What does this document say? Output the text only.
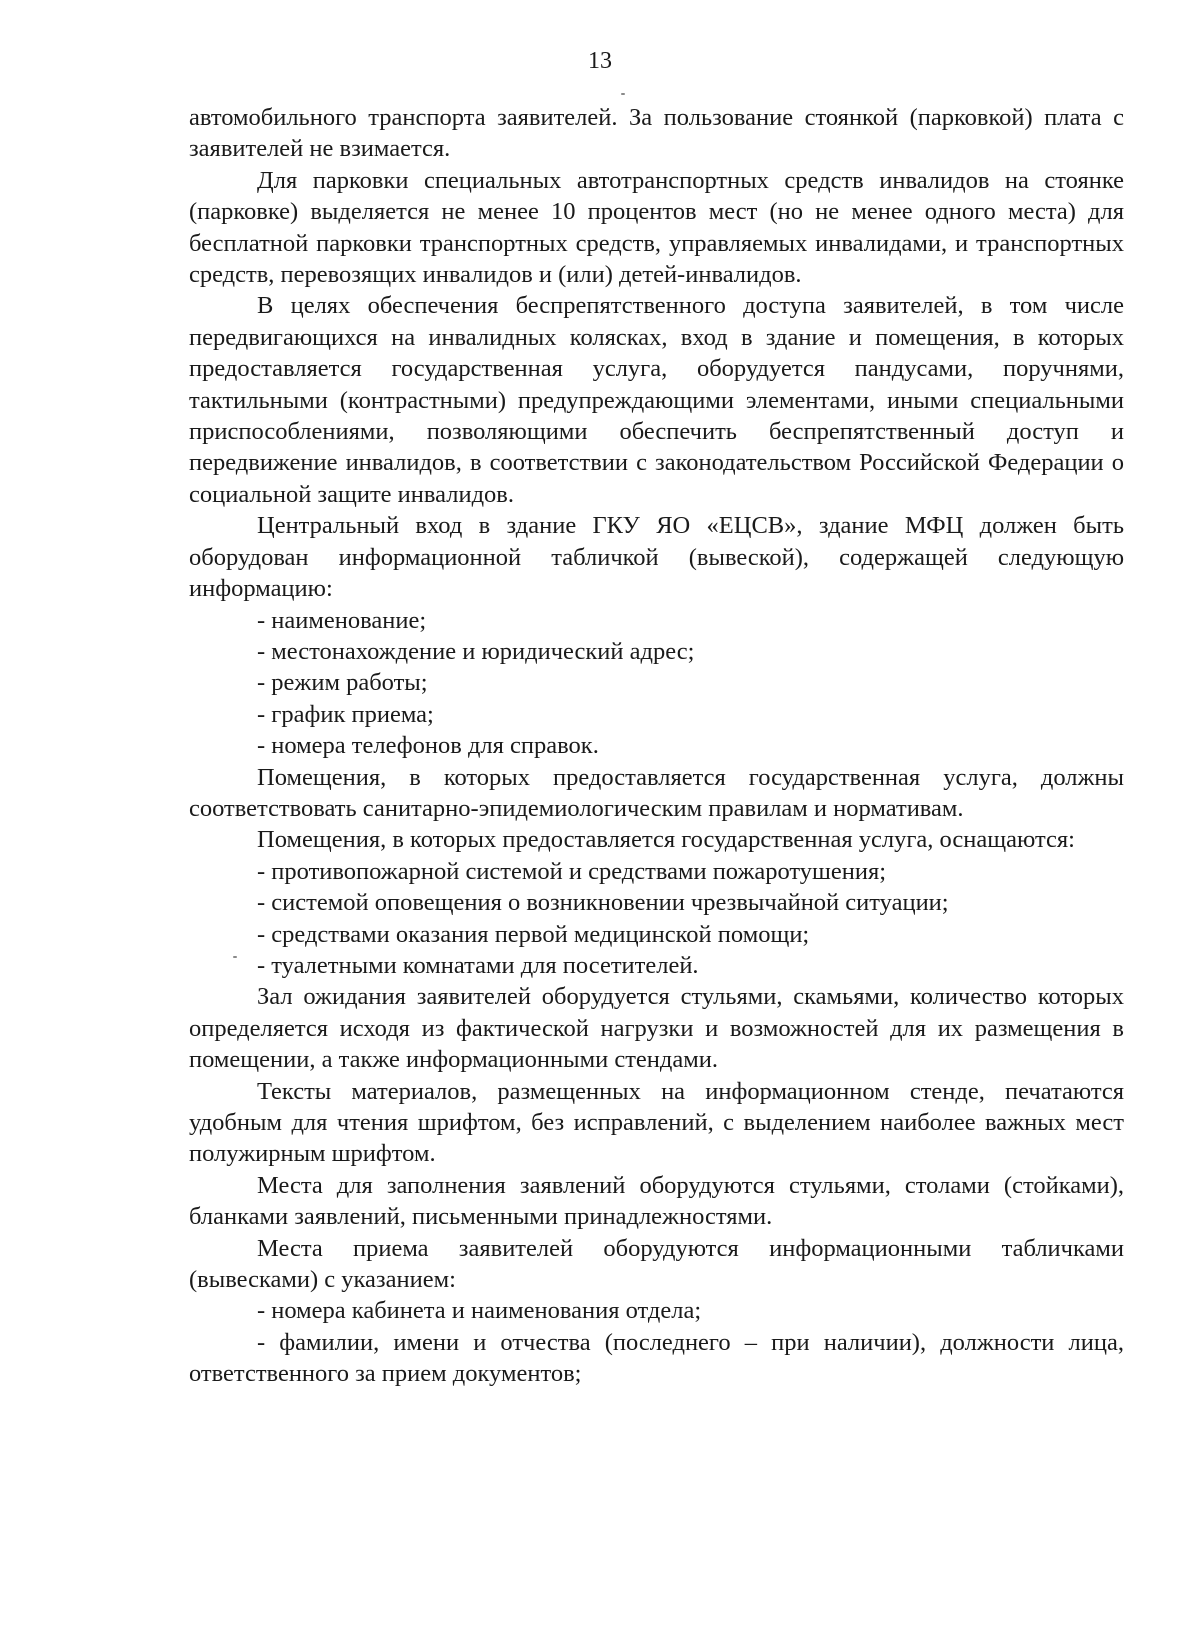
13

автомобильного транспорта заявителей. За пользование стоянкой (парковкой) плата с заявителей не взимается.

Для парковки специальных автотранспортных средств инвалидов на стоянке (парковке) выделяется не менее 10 процентов мест (но не менее одного места) для бесплатной парковки транспортных средств, управляемых инвалидами, и транспортных средств, перевозящих инвалидов и (или) детей-инвалидов.

В целях обеспечения беспрепятственного доступа заявителей, в том числе передвигающихся на инвалидных колясках, вход в здание и помещения, в которых предоставляется государственная услуга, оборудуется пандусами, поручнями, тактильными (контрастными) предупреждающими элементами, иными специальными приспособлениями, позволяющими обеспечить беспрепятственный доступ и передвижение инвалидов, в соответствии с законодательством Российской Федерации о социальной защите инвалидов.

Центральный вход в здание ГКУ ЯО «ЕЦСВ», здание МФЦ должен быть оборудован информационной табличкой (вывеской), содержащей следующую информацию:

- наименование;

- местонахождение и юридический адрес;

- режим работы;

- график приема;

- номера телефонов для справок.

Помещения, в которых предоставляется государственная услуга, должны соответствовать санитарно-эпидемиологическим правилам и нормативам.

Помещения, в которых предоставляется государственная услуга, оснащаются:

- противопожарной системой и средствами пожаротушения;

- системой оповещения о возникновении чрезвычайной ситуации;

- средствами оказания первой медицинской помощи;

- туалетными комнатами для посетителей.

Зал ожидания заявителей оборудуется стульями, скамьями, количество которых определяется исходя из фактической нагрузки и возможностей для их размещения в помещении, а также информационными стендами.

Тексты материалов, размещенных на информационном стенде, печатаются удобным для чтения шрифтом, без исправлений, с выделением наиболее важных мест полужирным шрифтом.

Места для заполнения заявлений оборудуются стульями, столами (стойками), бланками заявлений, письменными принадлежностями.

Места приема заявителей оборудуются информационными табличками (вывесками) с указанием:

- номера кабинета и наименования отдела;

- фамилии, имени и отчества (последнего – при наличии), должности лица, ответственного за прием документов;
